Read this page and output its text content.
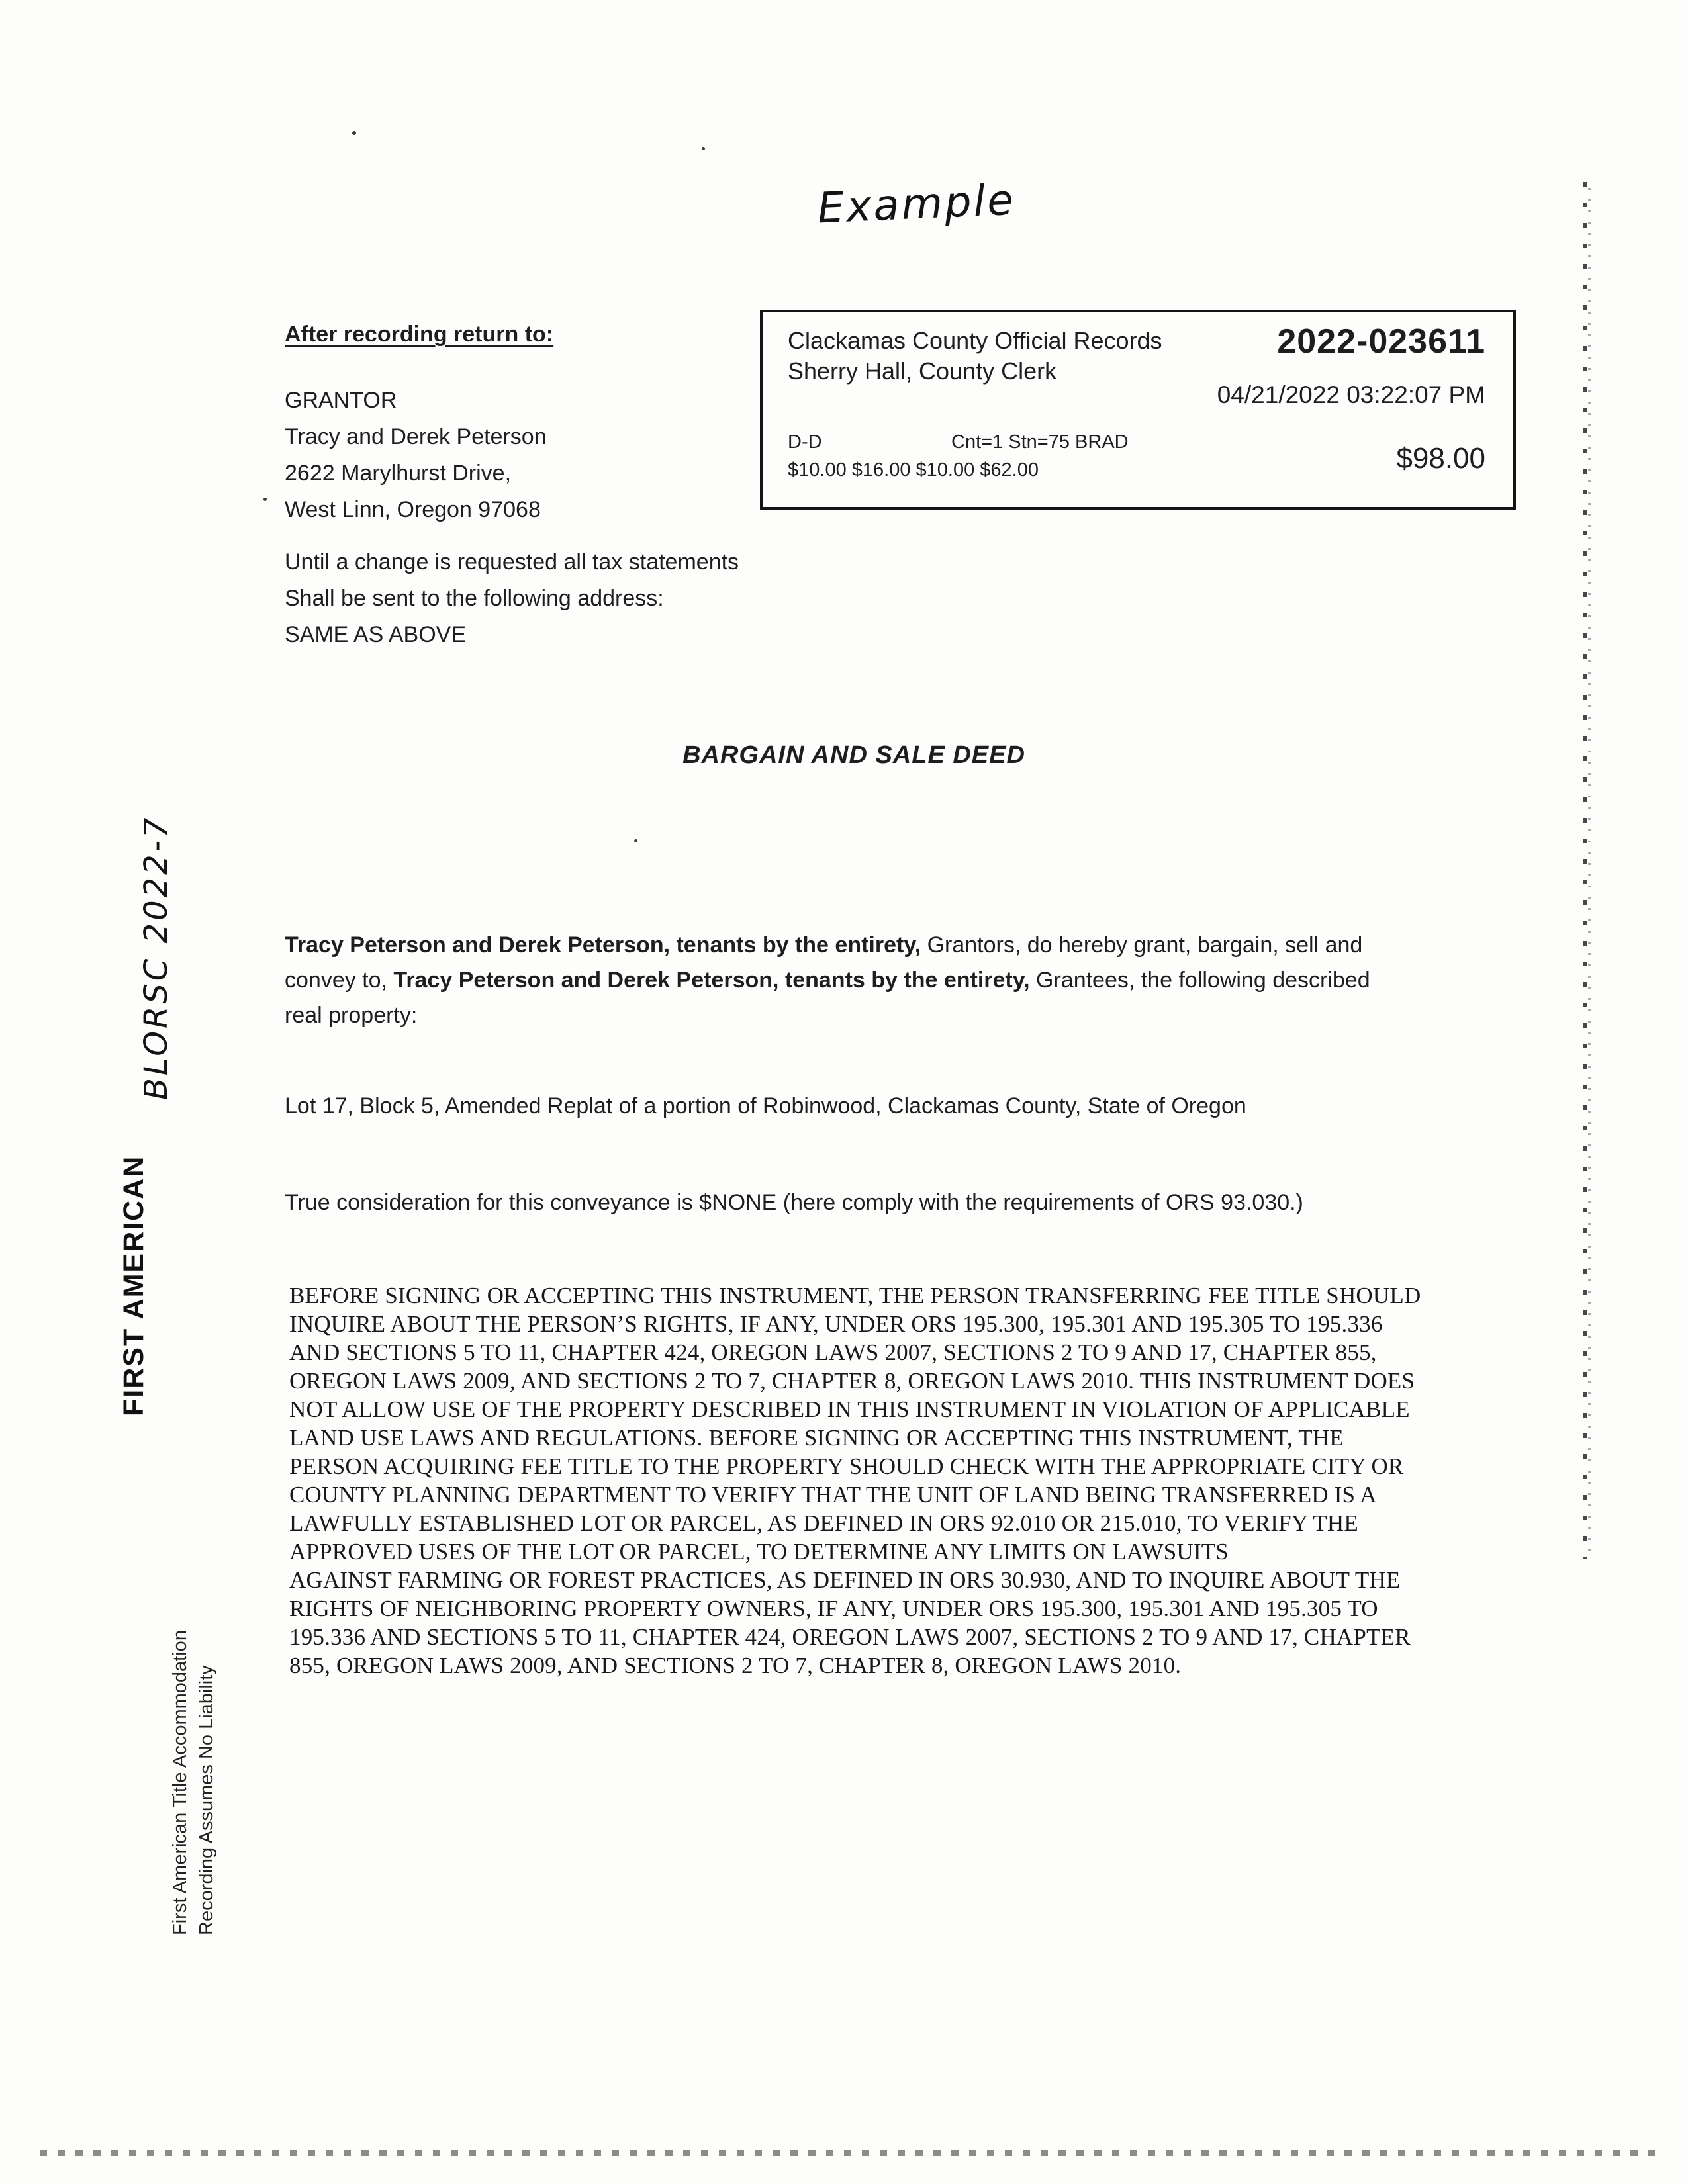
Example
After recording return to:
GRANTOR
Tracy and Derek Peterson
2622 Marylhurst Drive,
West Linn, Oregon 97068
Clackamas County Official Records
Sherry Hall, County Clerk
2022-023611
04/21/2022 03:22:07 PM
D-D	Cnt=1 Stn=75 BRAD
$10.00 $16.00 $10.00 $62.00	$98.00
Until a change is requested all tax statements
Shall be sent to the following address:
SAME AS ABOVE
BARGAIN AND SALE DEED
Tracy Peterson and Derek Peterson, tenants by the entirety, Grantors, do hereby grant, bargain, sell and convey to, Tracy Peterson and Derek Peterson, tenants by the entirety, Grantees, the following described real property:
Lot 17, Block 5, Amended Replat of a portion of Robinwood, Clackamas County, State of Oregon
True consideration for this conveyance is $NONE (here comply with the requirements of ORS 93.030.)

BEFORE SIGNING OR ACCEPTING THIS INSTRUMENT, THE PERSON TRANSFERRING FEE TITLE SHOULD INQUIRE ABOUT THE PERSON’S RIGHTS, IF ANY, UNDER ORS 195.300, 195.301 AND 195.305 TO 195.336 AND SECTIONS 5 TO 11, CHAPTER 424, OREGON LAWS 2007, SECTIONS 2 TO 9 AND 17, CHAPTER 855, OREGON LAWS 2009, AND SECTIONS 2 TO 7, CHAPTER 8, OREGON LAWS 2010. THIS INSTRUMENT DOES NOT ALLOW USE OF THE PROPERTY DESCRIBED IN THIS INSTRUMENT IN VIOLATION OF APPLICABLE LAND USE LAWS AND REGULATIONS. BEFORE SIGNING OR ACCEPTING THIS INSTRUMENT, THE PERSON ACQUIRING FEE TITLE TO THE PROPERTY SHOULD CHECK WITH THE APPROPRIATE CITY OR COUNTY PLANNING DEPARTMENT TO VERIFY THAT THE UNIT OF LAND BEING TRANSFERRED IS A LAWFULLY ESTABLISHED LOT OR PARCEL, AS DEFINED IN ORS 92.010 OR 215.010, TO VERIFY THE APPROVED USES OF THE LOT OR PARCEL, TO DETERMINE ANY LIMITS ON LAWSUITS

AGAINST FARMING OR FOREST PRACTICES, AS DEFINED IN ORS 30.930, AND TO INQUIRE ABOUT THE RIGHTS OF NEIGHBORING PROPERTY OWNERS, IF ANY, UNDER ORS 195.300, 195.301 AND 195.305 TO 195.336 AND SECTIONS 5 TO 11, CHAPTER 424, OREGON LAWS 2007, SECTIONS 2 TO 9 AND 17, CHAPTER 855, OREGON LAWS 2009, AND SECTIONS 2 TO 7, CHAPTER 8, OREGON LAWS 2010.

BLORSC 2022-7
FIRST AMERICAN
First American Title Accommodation Recording Assumes No Liability
